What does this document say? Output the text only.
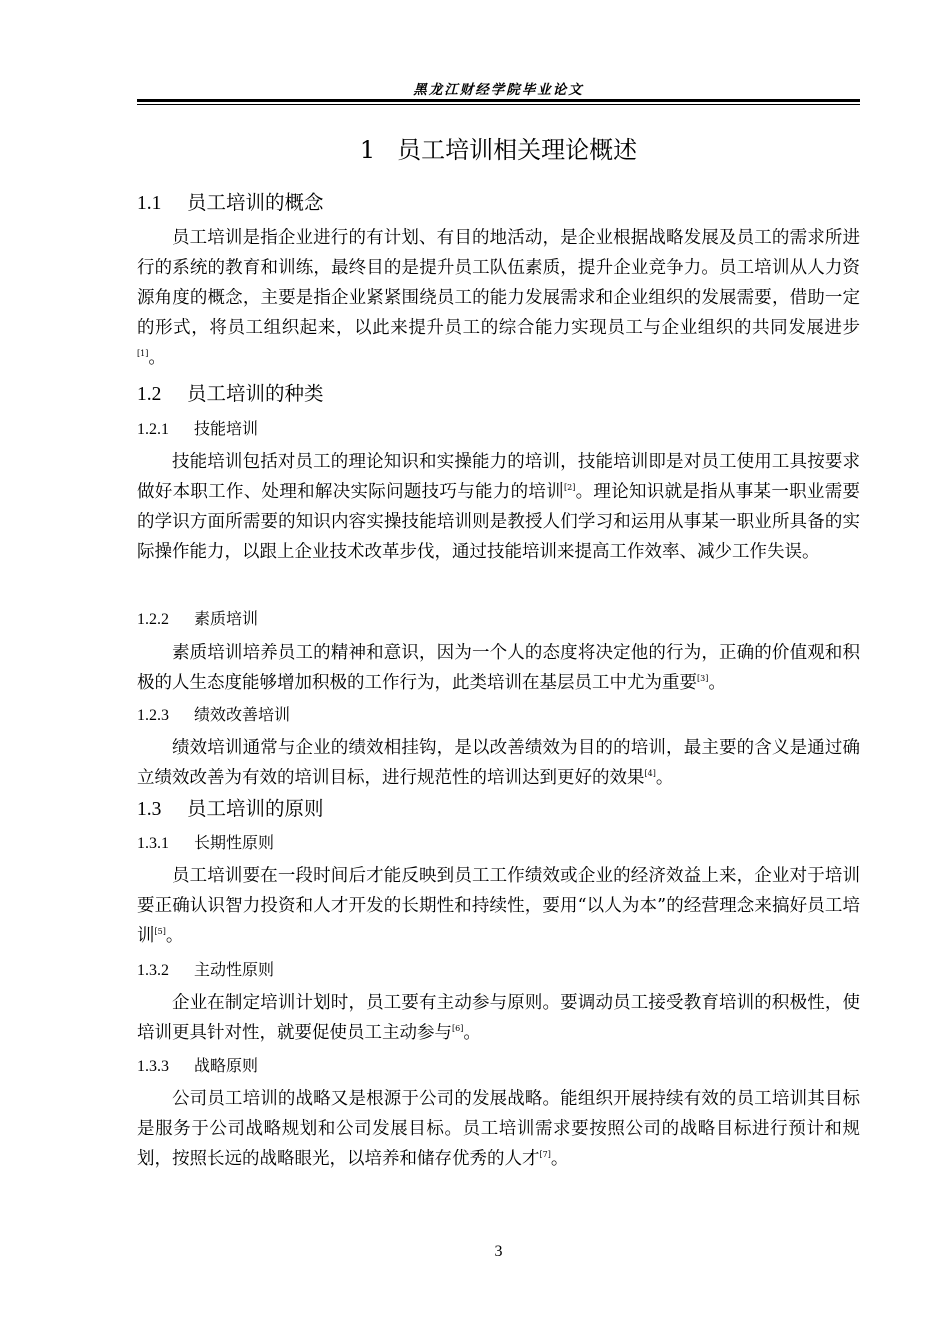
黑龙江财经学院毕业论文
1 员工培训相关理论概述
1.1 员工培训的概念
员工培训是指企业进行的有计划、有目的地活动，是企业根据战略发展及员工的需求所进行的系统的教育和训练，最终目的是提升员工队伍素质，提升企业竞争力。员工培训从人力资源角度的概念，主要是指企业紧紧围绕员工的能力发展需求和企业组织的发展需要，借助一定的形式，将员工组织起来，以此来提升员工的综合能力实现员工与企业组织的共同发展进步[1]。
1.2 员工培训的种类
1.2.1 技能培训
技能培训包括对员工的理论知识和实操能力的培训，技能培训即是对员工使用工具按要求做好本职工作、处理和解决实际问题技巧与能力的培训[2]。理论知识就是指从事某一职业需要的学识方面所需要的知识内容实操技能培训则是教授人们学习和运用从事某一职业所具备的实际操作能力，以跟上企业技术改革步伐，通过技能培训来提高工作效率、减少工作失误。
1.2.2 素质培训
素质培训培养员工的精神和意识，因为一个人的态度将决定他的行为，正确的价值观和积极的人生态度能够增加积极的工作行为，此类培训在基层员工中尤为重要[3]。
1.2.3 绩效改善培训
绩效培训通常与企业的绩效相挂钩，是以改善绩效为目的的培训，最主要的含义是通过确立绩效改善为有效的培训目标，进行规范性的培训达到更好的效果[4]。
1.3 员工培训的原则
1.3.1 长期性原则
员工培训要在一段时间后才能反映到员工工作绩效或企业的经济效益上来，企业对于培训要正确认识智力投资和人才开发的长期性和持续性，要用“以人为本”的经营理念来搞好员工培训[5]。
1.3.2 主动性原则
企业在制定培训计划时，员工要有主动参与原则。要调动员工接受教育培训的积极性，使培训更具针对性，就要促使员工主动参与[6]。
1.3.3 战略原则
公司员工培训的战略又是根源于公司的发展战略。能组织开展持续有效的员工培训其目标是服务于公司战略规划和公司发展目标。员工培训需求要按照公司的战略目标进行预计和规划，按照长远的战略眼光，以培养和储存优秀的人才[7]。
3
